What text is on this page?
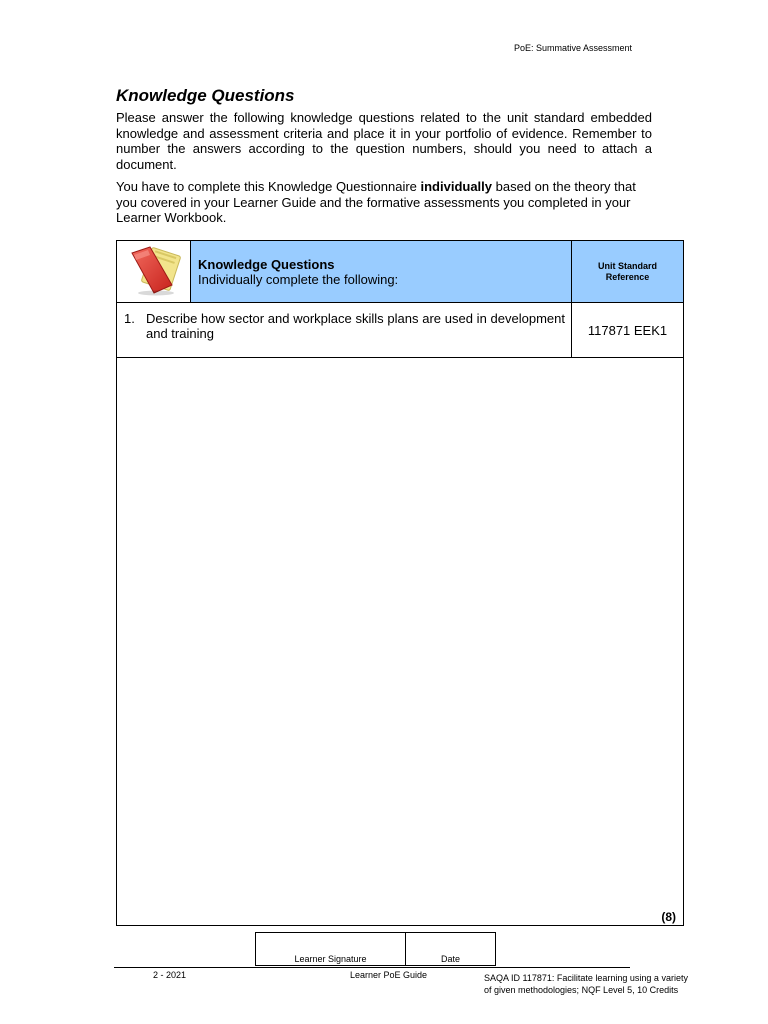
PoE: Summative Assessment
Knowledge Questions
Please answer the following knowledge questions related to the unit standard embedded knowledge and assessment criteria and place it in your portfolio of evidence. Remember to number the answers according to the question numbers, should you need to attach a document.
You have to complete this Knowledge Questionnaire individually based on the theory that you covered in your Learner Guide and the formative assessments you completed in your Learner Workbook.

Knowledge Questions
Individually complete the following:	Unit Standard Reference

1. Describe how sector and workplace skills plans are used in development and training		117871 EEK1

(8)		
Learner Signature	Date
2 - 2021	Learner PoE Guide	SAQA ID 117871: Facilitate learning using a variety
of given methodologies; NQF Level 5, 10 Credits
